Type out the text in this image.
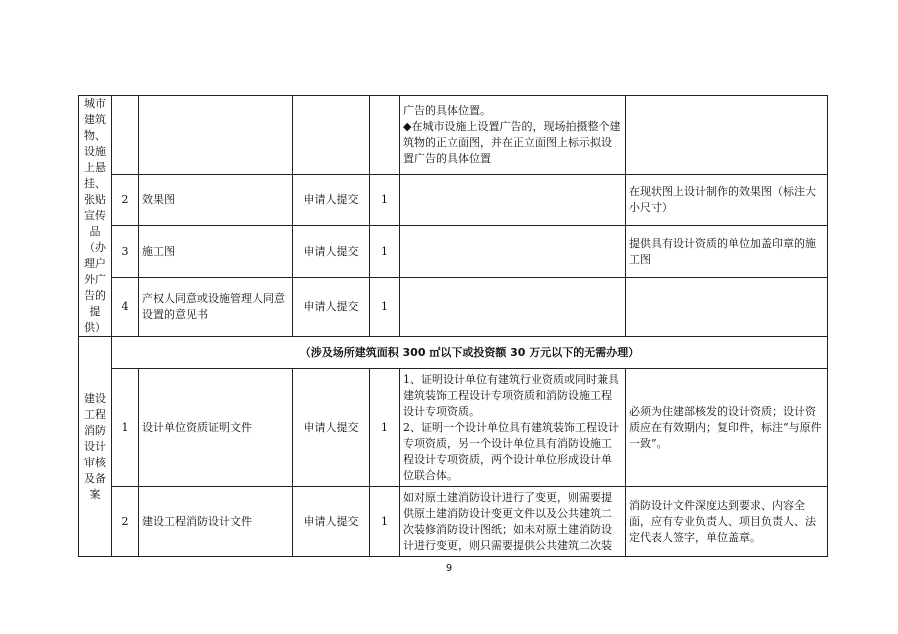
城市建筑物、设施上悬挂、张贴宣传品（办理户外广告的提供）					广告的具体位置。
◆在城市设施上设置广告的，现场拍摄整个建筑物的正立面图，并在正立面图上标示拟设置广告的具体位置	

	2	效果图	申请人提交	1		在现状图上设计制作的效果图（标注大小尺寸）
	3	施工图	申请人提交	1		提供具有设计资质的单位加盖印章的施工图
	4	产权人同意或设施管理人同意设置的意见书	申请人提交	1		
建设工程消防设计审核及备案	（涉及场所建筑面积 300 ㎡以下或投资额 30 万元以下的无需办理）					
	1	设计单位资质证明文件	申请人提交	1	1、证明设计单位有建筑行业资质或同时兼具建筑装饰工程设计专项资质和消防设施工程设计专项资质。
2、证明一个设计单位具有建筑装饰工程设计专项资质，另一个设计单位具有消防设施工程设计专项资质，两个设计单位形成设计单位联合体。	必须为住建部核发的设计资质；设计资质应在有效期内；复印件，标注“与原件一致”。
	2	建设工程消防设计文件	申请人提交	1	如对原土建消防设计进行了变更，则需要提供原土建消防设计变更文件以及公共建筑二次装修消防设计图纸；如未对原土建消防设计进行变更，则只需要提供公共建筑二次装	消防设计文件深度达到要求、内容全面，应有专业负责人、项目负责人、法定代表人签字，单位盖章。
9
